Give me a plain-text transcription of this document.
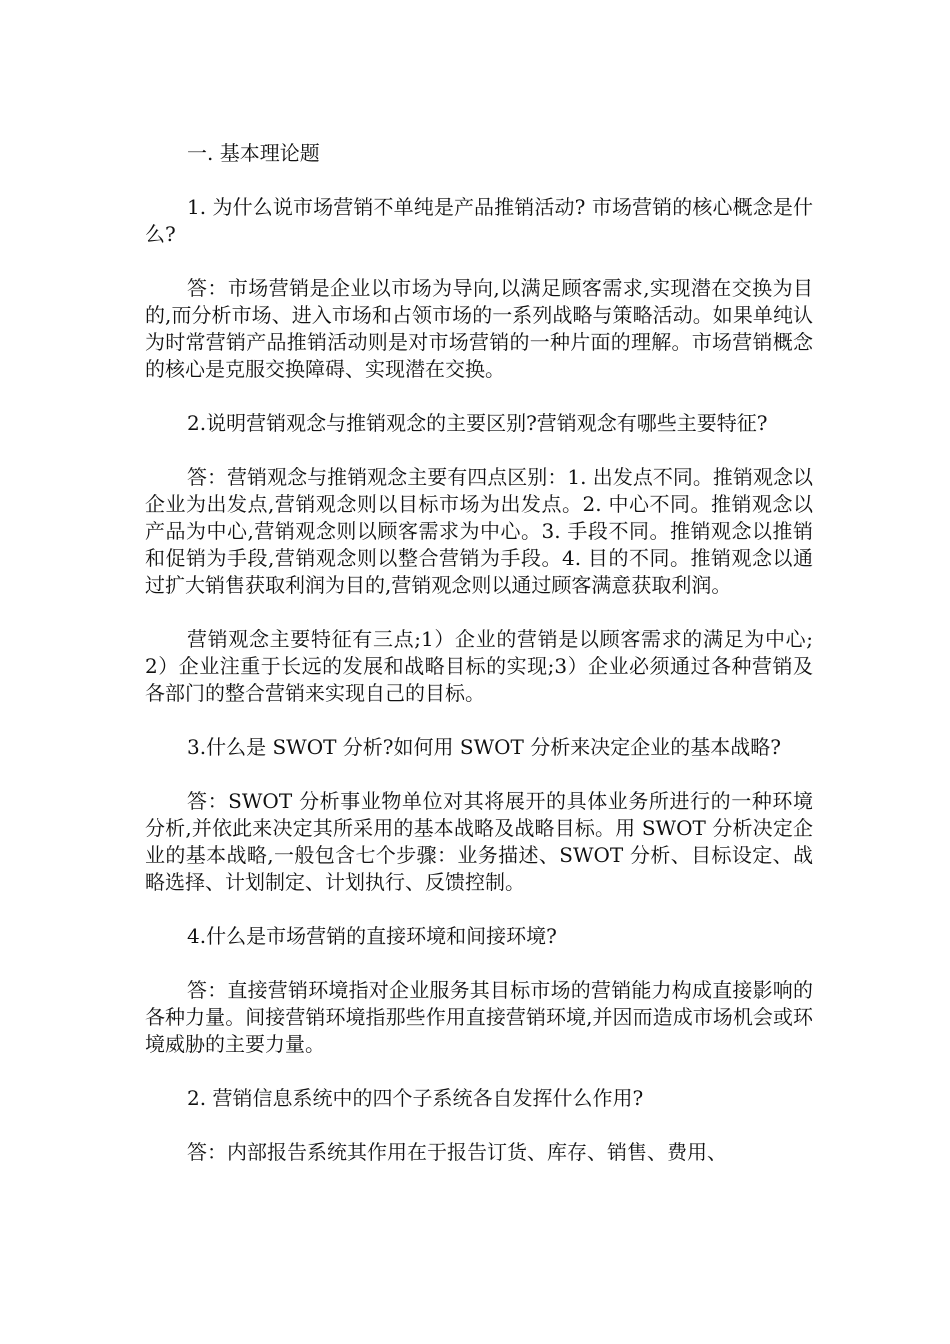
一. 基本理论题

1. 为什么说市场营销不单纯是产品推销活动? 市场营销的核心概念是什么?

答：市场营销是企业以市场为导向,以满足顾客需求,实现潜在交换为目的,而分析市场、进入市场和占领市场的一系列战略与策略活动。如果单纯认为时常营销产品推销活动则是对市场营销的一种片面的理解。市场营销概念的核心是克服交换障碍、实现潜在交换。

2.说明营销观念与推销观念的主要区别?营销观念有哪些主要特征?

答：营销观念与推销观念主要有四点区别：1. 出发点不同。推销观念以企业为出发点,营销观念则以目标市场为出发点。2. 中心不同。推销观念以产品为中心,营销观念则以顾客需求为中心。3. 手段不同。推销观念以推销和促销为手段,营销观念则以整合营销为手段。4. 目的不同。推销观念以通过扩大销售获取利润为目的,营销观念则以通过顾客满意获取利润。

营销观念主要特征有三点;1）企业的营销是以顾客需求的满足为中心;2）企业注重于长远的发展和战略目标的实现;3）企业必须通过各种营销及各部门的整合营销来实现自己的目标。

3.什么是 SWOT 分析?如何用 SWOT 分析来决定企业的基本战略?

答：SWOT 分析事业物单位对其将展开的具体业务所进行的一种环境分析,并依此来决定其所采用的基本战略及战略目标。用 SWOT 分析决定企业的基本战略,一般包含七个步骤：业务描述、SWOT 分析、目标设定、战略选择、计划制定、计划执行、反馈控制。

4.什么是市场营销的直接环境和间接环境?

答：直接营销环境指对企业服务其目标市场的营销能力构成直接影响的各种力量。间接营销环境指那些作用直接营销环境,并因而造成市场机会或环境威胁的主要力量。

2. 营销信息系统中的四个子系统各自发挥什么作用?

答：内部报告系统其作用在于报告订货、库存、销售、费用、
